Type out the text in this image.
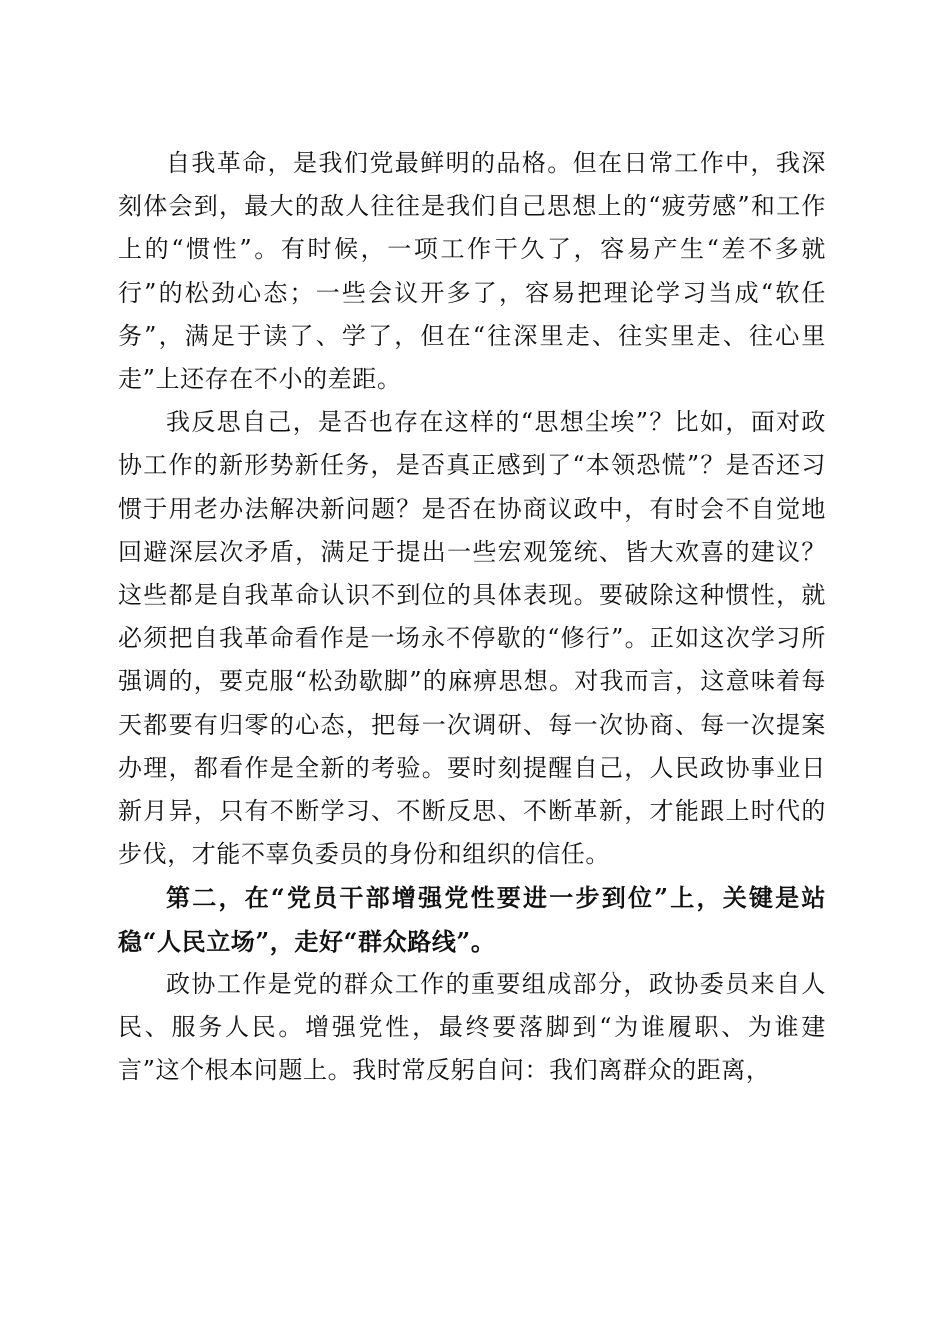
自我革命，是我们党最鲜明的品格。但在日常工作中，我深刻体会到，最大的敌人往往是我们自己思想上的“疲劳感”和工作上的“惯性”。有时候，一项工作干久了，容易产生“差不多就行”的松劲心态；一些会议开多了，容易把理论学习当成“软任务”，满足于读了、学了，但在“往深里走、往实里走、往心里走”上还存在不小的差距。

我反思自己，是否也存在这样的“思想尘埃”？比如，面对政协工作的新形势新任务，是否真正感到了“本领恐慌”？是否还习惯于用老办法解决新问题？是否在协商议政中，有时会不自觉地回避深层次矛盾，满足于提出一些宏观笼统、皆大欢喜的建议？这些都是自我革命认识不到位的具体表现。要破除这种惯性，就必须把自我革命看作是一场永不停歇的“修行”。正如这次学习所强调的，要克服“松劲歇脚”的麻痹思想。对我而言，这意味着每天都要有归零的心态，把每一次调研、每一次协商、每一次提案办理，都看作是全新的考验。要时刻提醒自己，人民政协事业日新月异，只有不断学习、不断反思、不断革新，才能跟上时代的步伐，才能不辜负委员的身份和组织的信任。

第二，在“党员干部增强党性要进一步到位”上，关键是站稳“人民立场”，走好“群众路线”。

政协工作是党的群众工作的重要组成部分，政协委员来自人民、服务人民。增强党性，最终要落脚到“为谁履职、为谁建言”这个根本问题上。我时常反躬自问：我们离群众的距离，
